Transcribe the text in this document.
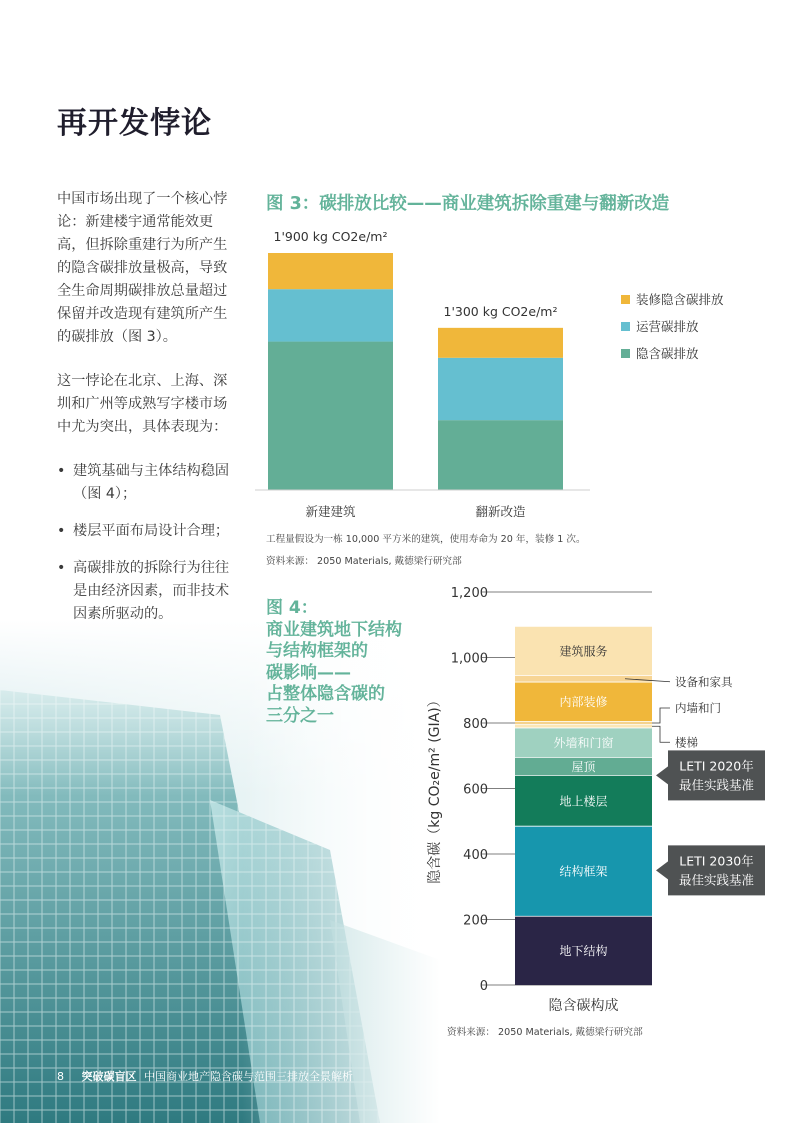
再开发悖论

中国市场出现了一个核心悖论：新建楼宇通常能效更高，但拆除重建行为所产生的隐含碳排放量极高，导致全生命周期碳排放总量超过保留并改造现有建筑所产生的碳排放（图 3）。

这一悖论在北京、上海、深圳和广州等成熟写字楼市场中尤为突出，具体表现为：

• 建筑基础与主体结构稳固（图 4）；
• 楼层平面布局设计合理；
• 高碳排放的拆除行为往往是由经济因素，而非技术因素所驱动的。
图 3：碳排放比较——商业建筑拆除重建与翻新改造
1'900 kg CO2e/m²
新建建筑
1'300 kg CO2e/m²
翻新改造
装修隐含碳排放
运营碳排放
隐含碳排放
工程量假设为一栋 10,000 平方米的建筑，使用寿命为 20 年，装修 1 次。
资料来源： 2050 Materials, 戴德梁行研究部
图 4：
商业建筑地下结构
与结构框架的
碳影响——
占整体隐含碳的
三分之一
0
200
400
600
800
1,000
1,200
隐含碳（kg CO₂e/m² (GIA)）
地下结构
结构框架
地上楼层
屋顶
外墙和门窗
内部装修
建筑服务
隐含碳构成
设备和家具
内墙和门
楼梯
LETI 2020年
最佳实践基准
LETI 2030年
最佳实践基准
资料来源： 2050 Materials, 戴德梁行研究部
8 突破碳盲区 中国商业地产隐含碳与范围三排放全景解析
